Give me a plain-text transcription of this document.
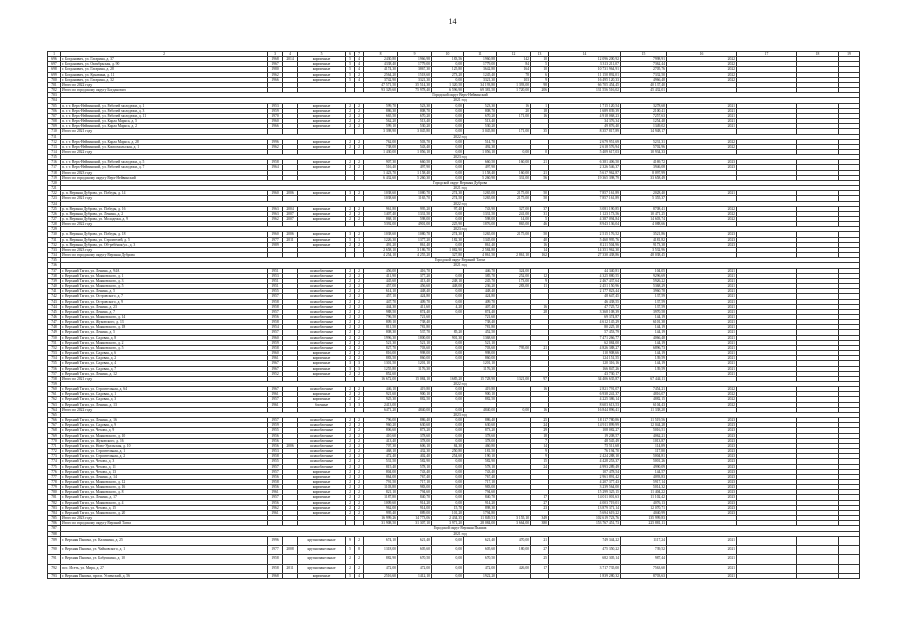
14
1	2	3	4	5	6	7	8	9	10	11	12	13	14	15	16	17	18	19
696	г. Богданович, ул. Гагарина, д. 37	1968	2014	кирпичные	5	4	2430,80	1966,98	183,56	1960,88	142	10	12 096 200,92	7998,91	2022			
697	г. Богданович, ул. Октябрьская, д. 90	1967		кирпичные	5	4	4338,40	1779,00	0,00	1779,00	84	5	3 313 211,07	7362,44	2022			
698	г. Богданович, ул. Гагарина, д. 28	1980		кирпичные	5	4	4174,30	3867,30	125,80	3642,80	164	10	10 731 964,91	2705,76	2022			
699	г. Богданович, ул. Кунавина, д. 11	1962		кирпичные	5	2	2564,20	1518,60	273,20	1245,40	78	6	11 150 892,01	7332,50	2022			
700	г. Богданович, ул. Гагарина, д. 32	1966		кирпичные	5	4	3742,90	3321,30	0,00	3321,30	103	9	16 495 120,33	4966,48	2022			
701	Итого по 2022 году						47 571,50	35 514,30	1 320,50	34 193,80	1 393,00	98	66 705 454,45	40 137,40				
702	Итого по городскому округу Богданович						93 329,60	75 978,40	6 596,90	69 381,50	1 720,00	206	131 556 516,02	45 432,01				
703	Городской округ Верх-Нейвинский																	
704	2021 год																	
705	п. г. т. Верх-Нейвинский, ул. Рабочей молодежи, д. 1	1953		кирпичные	2	2	599,70	523,30	0,00	523,30	16	1	1 715 120,54	3278,68	2021			
706	п. г. т. Верх-Нейвинский, ул. Рабочей молодежи, д. 3	1959		кирпичные	2	2	886,30	808,70	0,00	808,70	20	18	1 689 839,39	2100,41	2021			
707	п. г. т. Верх-Нейвинский, ул. Рабочей молодежи, д. 11	1970		кирпичные	2	2	665,50	670,20	0,00	670,20	171,00	16	4 918 068,23	7257,63	2021			
708	п. г. т. Верх-Нейвинский, ул. Карла Маркса, д. 5	1960		кирпичные	2	2	562,20	513,40	0,00	513,40			34 376,34	1254,48	2021			
709	п. г. т. Верх-Нейвинский, ул. Карла Маркса, д. 2	1966		кирпичные	2	2	599,10	530,20	0,00	530,20			49 876,40	1349,02	2021			
710	Итого по 2021 году						3 398,90	3 045,80	0,00	3 045,80	171,00	35	8 357 817,89	14 948,17				
711	2022 год																	
712	п. г. т. Верх-Нейвинский, ул. Карла Маркса, д. 28	1996		кирпичные	2	2	762,00	503,70	0,00	514,70			2 679 951,69	5231,31	2022			
713	п. г. т. Верх-Нейвинский, ул. Комсомольская, д. 1	1962		кирпичные	2	2	738,00	543,40	0,00	492,30			2 618 576,94	5702,96	2022			
714	Итого по 2022 году						1 430,00	1 056,10	0,00	1 056,10	0,00	0	5 409 617,03	10 934,33				
715	2023 год																	
716	п. г. т. Верх-Нейвинский, ул. Рабочей молодежи, д. 5	1958		кирпичные	2	2	907,30	660,50	0,00	660,50	160,00	21	6 381 406,50	4169,72	2023			
717	п. г. т. Верх-Нейвинский, ул. Рабочей молодежи, д. 7	1964		кирпичные	2	2	516,40	497,90	0,00	497,90			2 326 546,37	3946,08	2023			
718	Итого по 2023 году						1 423,70	1 158,40	0,00	1 158,40	160,00	21	5 617 962,87	8 097,99				
719	Итого по городскому округу Верх-Нейвинский						6 432,60	5 260,30	0,00	5 260,90	331,00	56	19 365 398,79	33 658,49				
720	Городской округ Верхняя Дуброва																	
721	2021 год																	
722	р. п. Верхняя Дуброва, ул. Победы, д. 14	1960	2006	кирпичные	3	2	1038,60	1080,70	274,30	1265,00	2175,00	50	7 857 161,89	2028,40	2021			
723	Итого по 2021 году						1038,60	1165,70	274,50	1265,00	2175,00	50	7 857 161,89	5 355,37				
724	2022 год																	
725	р. п. Верхняя Дуброва, ул. Победы, д. 16	1963	2004	кирпичные	2	2	961,80	995,20	97,40	743,90	327,00	37	3 081 190,85	8708,41	2022			
726	р. п. Верхняя Дуброва, ул. Ленина, д. 2	1963	2007	кирпичные	2	2	1407,40	1331,50	0,00	1331,50	241,00	31	1 123 173,56	10 471,25	2022			
727	р. п. Верхняя Дуброва, ул. Молодежи, д. 9	1962	2007	кирпичные	2	2	868,10	598,00	0,00	598,00	14,00	5	4 387 094,84	14 603,74	2022			
728	Итого по 2022 году						5392,00	4901,00	225,90	1876,00	865,00	46	8 943 136,04	4 088,66				
729	2023 год																	
730	р. п. Верхняя Дуброва, ул. Победы, д. 18	1960	2006	кирпичные	3	2	1038,60	1080,70	274,30	1265,00	2175,00	50	2 515 176,52	3521,86	2023			
731	р. п. Верхняя Дуброва, ул. Строителей, д. 5	1977	2011	кирпичные	5	1	1226,30	1377,20	182,30	1345,00		40	5 460 995,76	4181,82	2023			
732	р. п. Верхняя Дуброва, ул. Об-ребёнок/ул., д. 3	1989		кирпичные	2	2	491,20	861,40	0,00	861,40		16	8 211 504,96	9173,38	2023			
733	Итого по 2023 году						2 658,10	3 186,70	1 082,90	2 584,80		14	14 351 962,30	3 532,96				
734	Итого по городскому округу Верхняя Дуброва						4 254,10	4 255,20	327,80	4 861,50	2 861,10	162	27 330 438,86	48 038,45				
735	Городской округ Верхний Тагил																	
736	2021 год																	
737	г. Верхний Тагил, ул. Ленина, д. 94А	1951		шлакоблочные	2	2	456,00	416,70		446,70	324,00		44 340,81	104,05	2021			
738	г. Верхний Тагил, ул. Маяковского, д. 1	1953		шлакоблочные	2	2	411,90	377,20	0,00	385,70	252,00	12	4 325 880,55	9296,69	2021			
739	г. Верхний Тагил, ул. Маяковского, д. 3	1951		шлакоблочные	2	2	445,60	413,40	248,10	245,70	173,00	9	2 467 437,64	5926,22	2021			
740	г. Верхний Тагил, ул. Маяковского, д. 5	1951		шлакоблочные	2	2	457,00	456,60	448,00	236,20	283,00	11	2 451 150,96	5368,29	2021			
741	г. Верхний Тагил, ул. Ленина, д. 5	1955		шлакоблочные	2	2	614,10	448,40	0,00	448,40			2 177 823,44	3960,78	2021			
742	г. Верхний Тагил, ул. Островского, д. 7	1957		шлакоблочные	2	2	457,10	424,80	0,00	424,80			48 647,45	137,59	2021			
743	г. Верхний Тагил, ул. Островского, д. 9	1958		шлакоблочные	2	2	447,70	409,70	0,00	409,70			46 438,55	137,59	2021			
744	г. Верхний Тагил, ул. Ленина, д. 23	1958		шлакоблочные	2	2	444,30	411,60	4,20	407,40		16	47 725,72	137,59	2021			
745	г. Верхний Тагил, ул. Ленина, д. 7	1957		шлакоблочные	2	2	988,50	874,40	0,00	874,40		28	3 368 108,39	3970,58	2021			
746	г. Верхний Тагил, ул. Маяковского, д. 14	1956		шлакоблочные	2	2	796,50	721,60		721,60			69 374,87	144,19	2021			
747	г. Верхний Тагил, ул. Жуковского, д. 13	1958		шлакоблочные	2	2	809,10	738,40		738,40			4 612 145,29	6101,38	2021			
748	г. Верхний Тагил, ул. Маяковского, д. 18	1954		шлакоблочные	2	2	811,50	781,80		781,80			80 225,18	144,19	2021			
749	г. Верхний Тагил, ул. Ленина, д. 5	1957		шлакоблочные	2	2	808,30	537,70	85,20	452,50			57 453,79	144,19	2021			
750	г. Верхний Тагил, ул. Садовая, д. 8	1960		шлакоблочные	2	2	1996,30	1800,00	901,30	1368,60			7 471 266,77	4066,48	2021			
751	г. Верхний Тагил, ул. Маяковского, д. 2	1959		шлакоблочные	2	2	521,30	521,10	0,00	521,10			62 084,00	144,19	2021			
752	г. Верхний Тагил, ул. Маяковского, д. 5	1958		шлакоблочные	2	2	827,70	703,60	0,00	703,60	795,00	21	4 826 388,27	6896,73	2021			
753	г. Верхний Тагил, ул. Садовая, д. 6	1960		кирпичные	2	2	816,00	998,00	0,00	998,00			110 908,66	144,19	2021			
754	г. Верхний Тагил, ул. Садовая, д. 2	1961		кирпичные	2	2	883,50	860,00	0,00	860,00			124 151,55	139,59	2021			
755	г. Верхний Тагил, ул. Садовая, д. 4	1967		кирпичные	3	3	1301,50	1201,10		1201,10			120 316,16	144,19	2021			
756	г. Верхний Тагил, ул. Садовая, д. 7	1967		кирпичные	3	3	1255,80	1176,30		1176,30			166 847,26	139,59	2021			
757	г. Верхний Тагил, ул. Ленина, д. 12	1952		кирпичные	2	2	852,60						43 730,17		2021			
758	Итого по 2021 году						16 672,00	15 084,10	1685,20	15 728,90	1321,00	97	34 406 635,87	67 444,11				
759	2022 год																	
760	г. Верхний Тагил, ул. Строительная, д. 64	1967		шлакоблочные	2	2	446,10	419,80	0,00	419,80		16	2 821 791,07	7454,21	2022			
761	г. Верхний Тагил, ул. Садовая, д. 1	1961		кирпичные	2	2	921,60	900,10	0,00	900,10			6 938 241,37	4816,07	2022			
762	г. Верхний Тагил, ул. Садовая, д. 3	1957		кирпичные	2	2	925,30	882,50	0,00	882,50			4 225 386,14	4882,15	2022			
763	г. Верхний Тагил, ул. Ленина, д. 13	1961		блочные	3	3	2413,00						8 603 613,53	6104,43	2022			
764	Итого по 2022 году						6471,20	4840,00	0,00	4840,00	0,00	16	16 844 896,41	11 338,20				
765	2023 год																	
766	г. Верхний Тагил, ул. Ленина, д. 16	1957		шлакоблочные	2	2	796,00	886,40	0,00	886,40		25	18 117 780,86	11 519,56	2023			
767	г. Верхний Тагил, ул. Садовая, д. 9	1959		шлакоблочные	2	2	960,20	630,60	0,00	630,60		24	14 911 899,99	12 044,28	2023			
768	г. Верхний Тагил, ул. Чехова, д. 9	1955		шлакоблочные	2	2	806,60	873,20	0,00	873,20		29	108 082,27	5016,51	2023			
769	г. Верхний Тагил, ул. Маяковского, д. 10	1956		шлакоблочные	2	2	410,60	378,60	0,00	378,60		18	19 208,57	4062,21	2023			
770	г. Верхний Тагил, ул. Жуковского, д. 16	1956		шлакоблочные	2	2	413,40	378,00	0,00	378,00		7	48 545,49	1013,87	2023			
771	г. Верхний Тагил, ул. Ново-Уральская, д. 10	1956	2006	шлакоблочные	2	2	707,30	606,10	84,30	460,80		14	75 511,68	114,89	2023			
772	г. Верхний Тагил, ул. Строительная, д. 1	1953		шлакоблочные	2	2	468,10	432,30	250,80	181,50		9	76 194,70	117,80	2023			
773	г. Верхний Тагил, ул. Строительная, д. 2	1958		шлакоблочные	2	2	472,40	402,40	254,60	190,10		9	2 424 288,10	5004,81	2023			
774	г. Верхний Тагил, ул. Чехова, д. 3	1955		шлакоблочные	2	2	531,50	582,90	0,00	582,90		15	4 428 253,37	5001,26	2023			
775	г. Верхний Тагил, ул. Чехова, д. 11	1957		шлакоблочные	2	2	815,40	578,10	0,00	578,10		24	4 993 289,49	4990,09	2023			
776	г. Верхний Тагил, ул. Чехова, д. 13	1957		кирпичные	2	2	804,00	743,40	0,00	743,40			107 478,54	144,57	2023			
777	г. Верхний Тагил, ул. Ленина, д. 14	1956		кирпичные	2	2	864,00	767,40	0,00	767,40			2 961 891,42	4093,83	2023			
778	г. Верхний Тагил, ул. Маяковского, д. 12	1958		кирпичные	2	2	791,50	717,10	0,00	717,10			4 207 377,43	5917,14	2023			
779	г. Верхний Тагил, ул. Маяковского, д. 16	1956		кирпичные	2	2	1103,80	983,00	0,00	983,00			3 239 564,00	5014,32	2023			
780	г. Верхний Тагил, ул. Маяковского, д. 8	1961		кирпичные	2	2	821,10	794,60	0,00	794,60			15 299 325,15	11 404,22	2023			
781	г. Верхний Тагил, ул. Ленина, д. 17	1957		кирпичные	2	2	1187,80	840,70	0,00	840,70		17	14 011 001,63	11 102,42	2023			
782	г. Верхний Тагил, ул. Маяковского, д. 4	1956		кирпичные	2	2	1009,60	914,20	0,00	914,20		27	4 003 719,01	4076,13	2023			
783	г. Верхний Тагил, ул. Чехова, д. 15	1962		кирпичные	2	2	962,00	914,00	15,70	898,30		23	13 879 371,14	12 070,71	2023			
784	г. Верхний Тагил, ул. Маяковского, д. 20	1961		кирпичные	2	2	995,40	889,00	101,20	1794,80			5 694 619,22	4040,99	2023			
785	Итого по 2023 году						16 999,26	14 773,06	2 434,35	11 849,53	3 155,10	349	102 619 723,76	135 999,83				
786	Итого по городскому округу Верхний Тагил						31 908,50	31 307,10	3 971,20	28 084,00	3 664,00	380	153 767 451,73	225 881,11				
787	Городской округ Верхняя Пышма																	
788	2021 год																	
789	г. Верхняя Пышма, ул. Калинина, д. 25	1996		крупнопанельные	9	2	674,10	621,40	0,00	621,40	470,00	21	749 344,22	1117,24	2021			
790	г. Верхняя Пышма, ул. Чайковского, д. 1	1977	2008	крупнопанельные	5	8	1318,00	605,60	0,00	605,60	180,00	27	475 350,22	739,52	2021			
791	г. Верхняя Пышма, ул. Бабушкина, д. 10	1958		крупнопанельные	2	2	882,90	670,50	0,00	670,50		25	682 305,14	987,44	2021			
792	пос. Исеть, ул. Мира, д. 27	1958	2011	крупнопанельные	2	2	472,00	472,00	0,00	472,00	426,00	17	3 717 735,00	7563,60	2021			
793	г. Верхняя Пышма, просп. Успенский, д. 56	1968		кирпичные	5	4	2516,60	1412,10	0,00	1922,20			1 839 280,32	8703,63	2021			
